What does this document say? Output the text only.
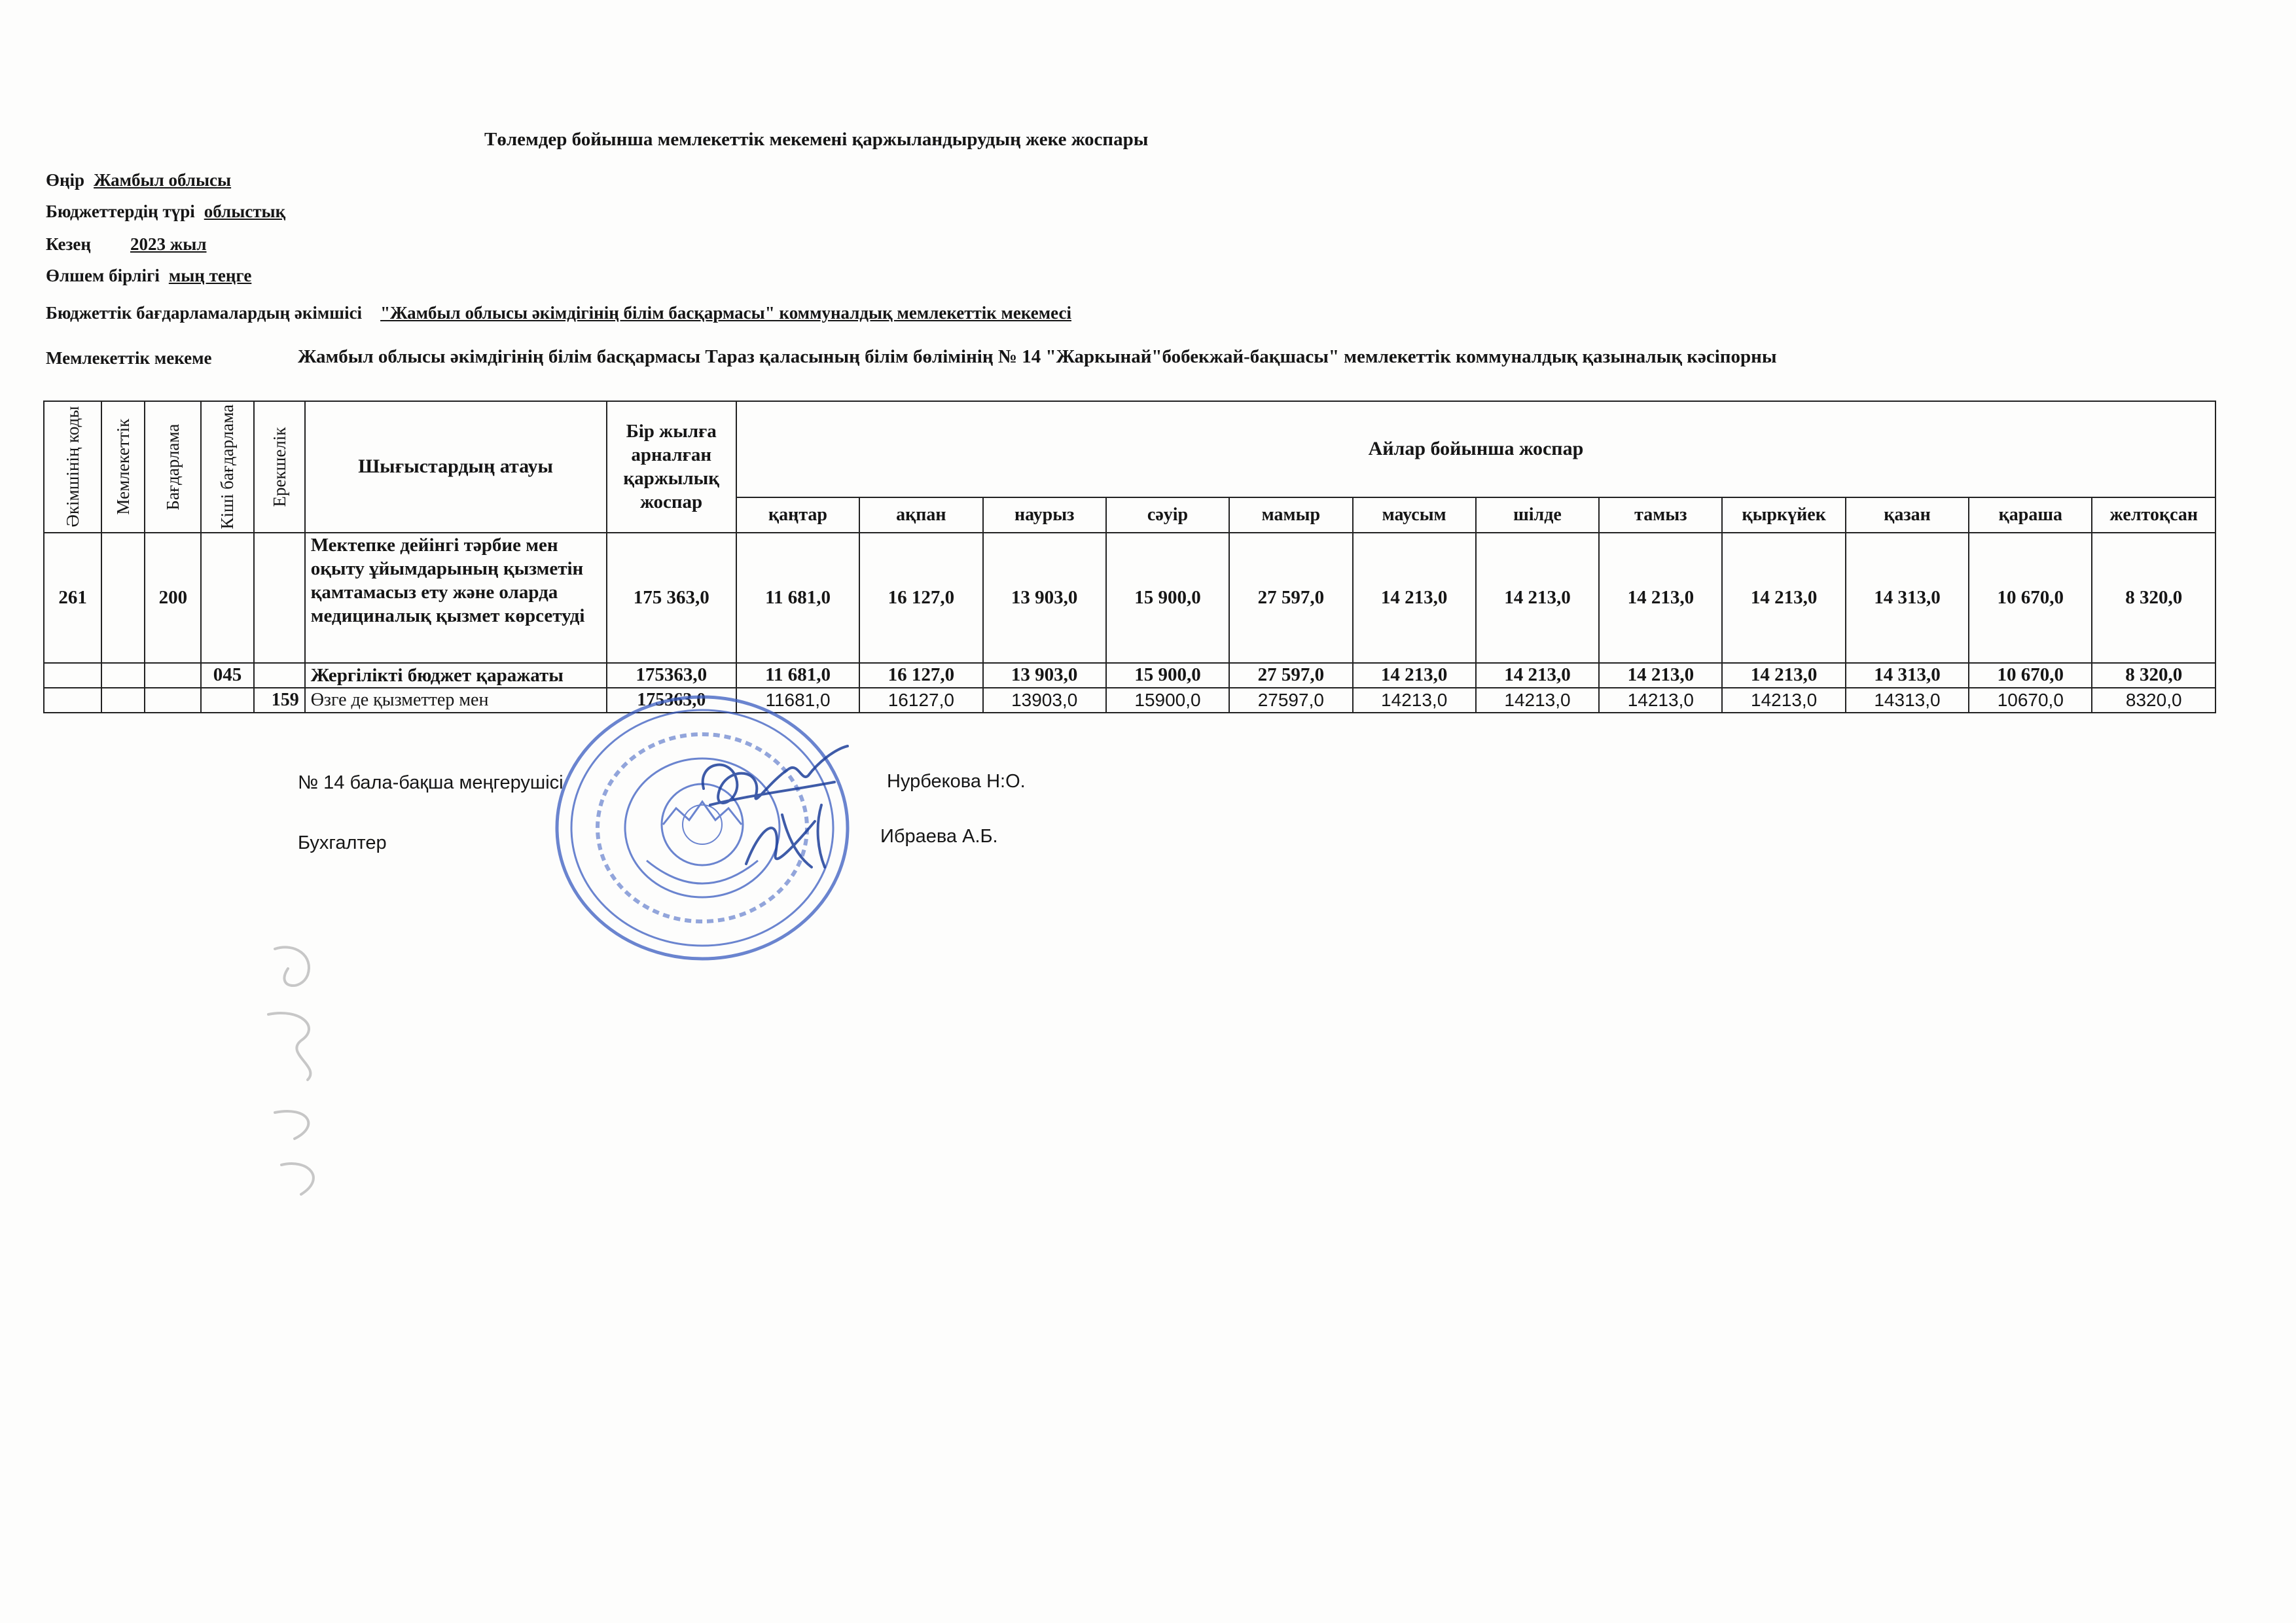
Төлемдер бойынша мемлекеттік мекемені қаржыландырудың жеке жоспары
Өңір Жамбыл облысы
Бюджеттердің түрі облыстық
Кезең 2023 жыл
Өлшем бірлігі мың теңге
Бюджеттік бағдарламалардың әкімшісі "Жамбыл облысы әкімдігінің білім басқармасы" коммуналдық мемлекеттік мекемесі
Мемлекеттік мекеме	Жамбыл облысы әкімдігінің білім басқармасы Тараз қаласының білім бөлімінің № 14 "Жаркынай"бобекжай-бақшасы" мемлекеттік коммуналдық қазыналық кәсіпорны
Әкімшінің коды	Мемлекеттік	Бағдарлама	Кіші бағдарлама	Ерекшелік	Шығыстардың атауы	Бір жылға арналған қаржылық жоспар	Айлар бойынша жоспар											
							қаңтар	ақпан	наурыз	сәуір	мамыр	маусым	шілде	тамыз	қыркүйек	қазан	қараша	желтоқсан
261		200			Мектепке дейінгі тәрбие мен оқыту ұйымдарының қызметін қамтамасыз ету және оларда медициналық қызмет көрсетуді	175 363,0	11 681,0	16 127,0	13 903,0	15 900,0	27 597,0	14 213,0	14 213,0	14 213,0	14 213,0	14 313,0	10 670,0	8 320,0
			045		Жергілікті бюджет қаражаты	175363,0	11 681,0	16 127,0	13 903,0	15 900,0	27 597,0	14 213,0	14 213,0	14 213,0	14 213,0	14 313,0	10 670,0	8 320,0
				159	Өзге де қызметтер мен	175363,0	11681,0	16127,0	13903,0	15900,0	27597,0	14213,0	14213,0	14213,0	14213,0	14313,0	10670,0	8320,0
№ 14 бала-бақша меңгерушісі	Нурбекова Н:О.
Бухгалтер	Ибраева А.Б.
